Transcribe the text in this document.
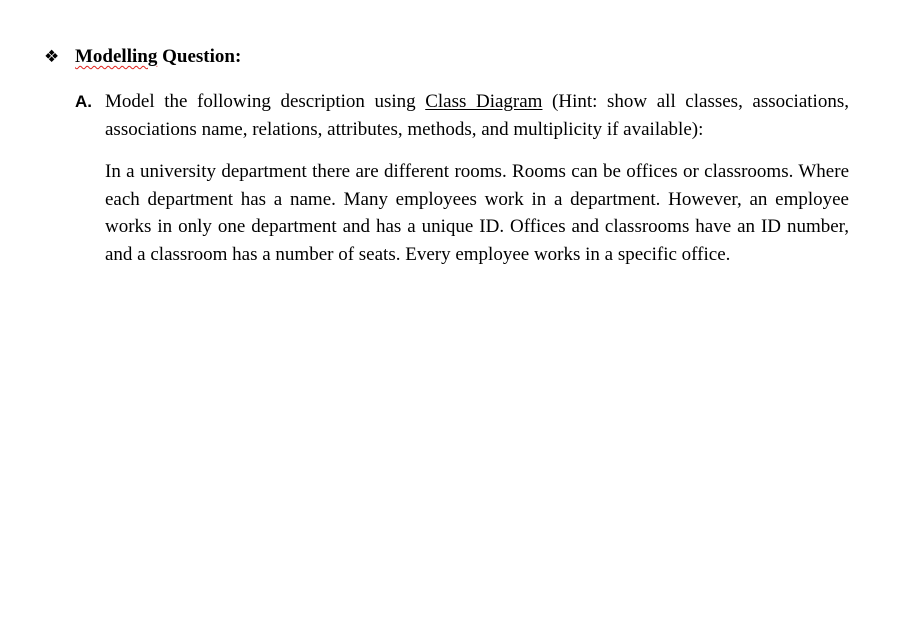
❖ Modelling Question:
A. Model the following description using Class Diagram (Hint: show all classes, associations, associations name, relations, attributes, methods, and multiplicity if available):

In a university department there are different rooms. Rooms can be offices or classrooms. Where each department has a name. Many employees work in a department. However, an employee works in only one department and has a unique ID. Offices and classrooms have an ID number, and a classroom has a number of seats. Every employee works in a specific office.
